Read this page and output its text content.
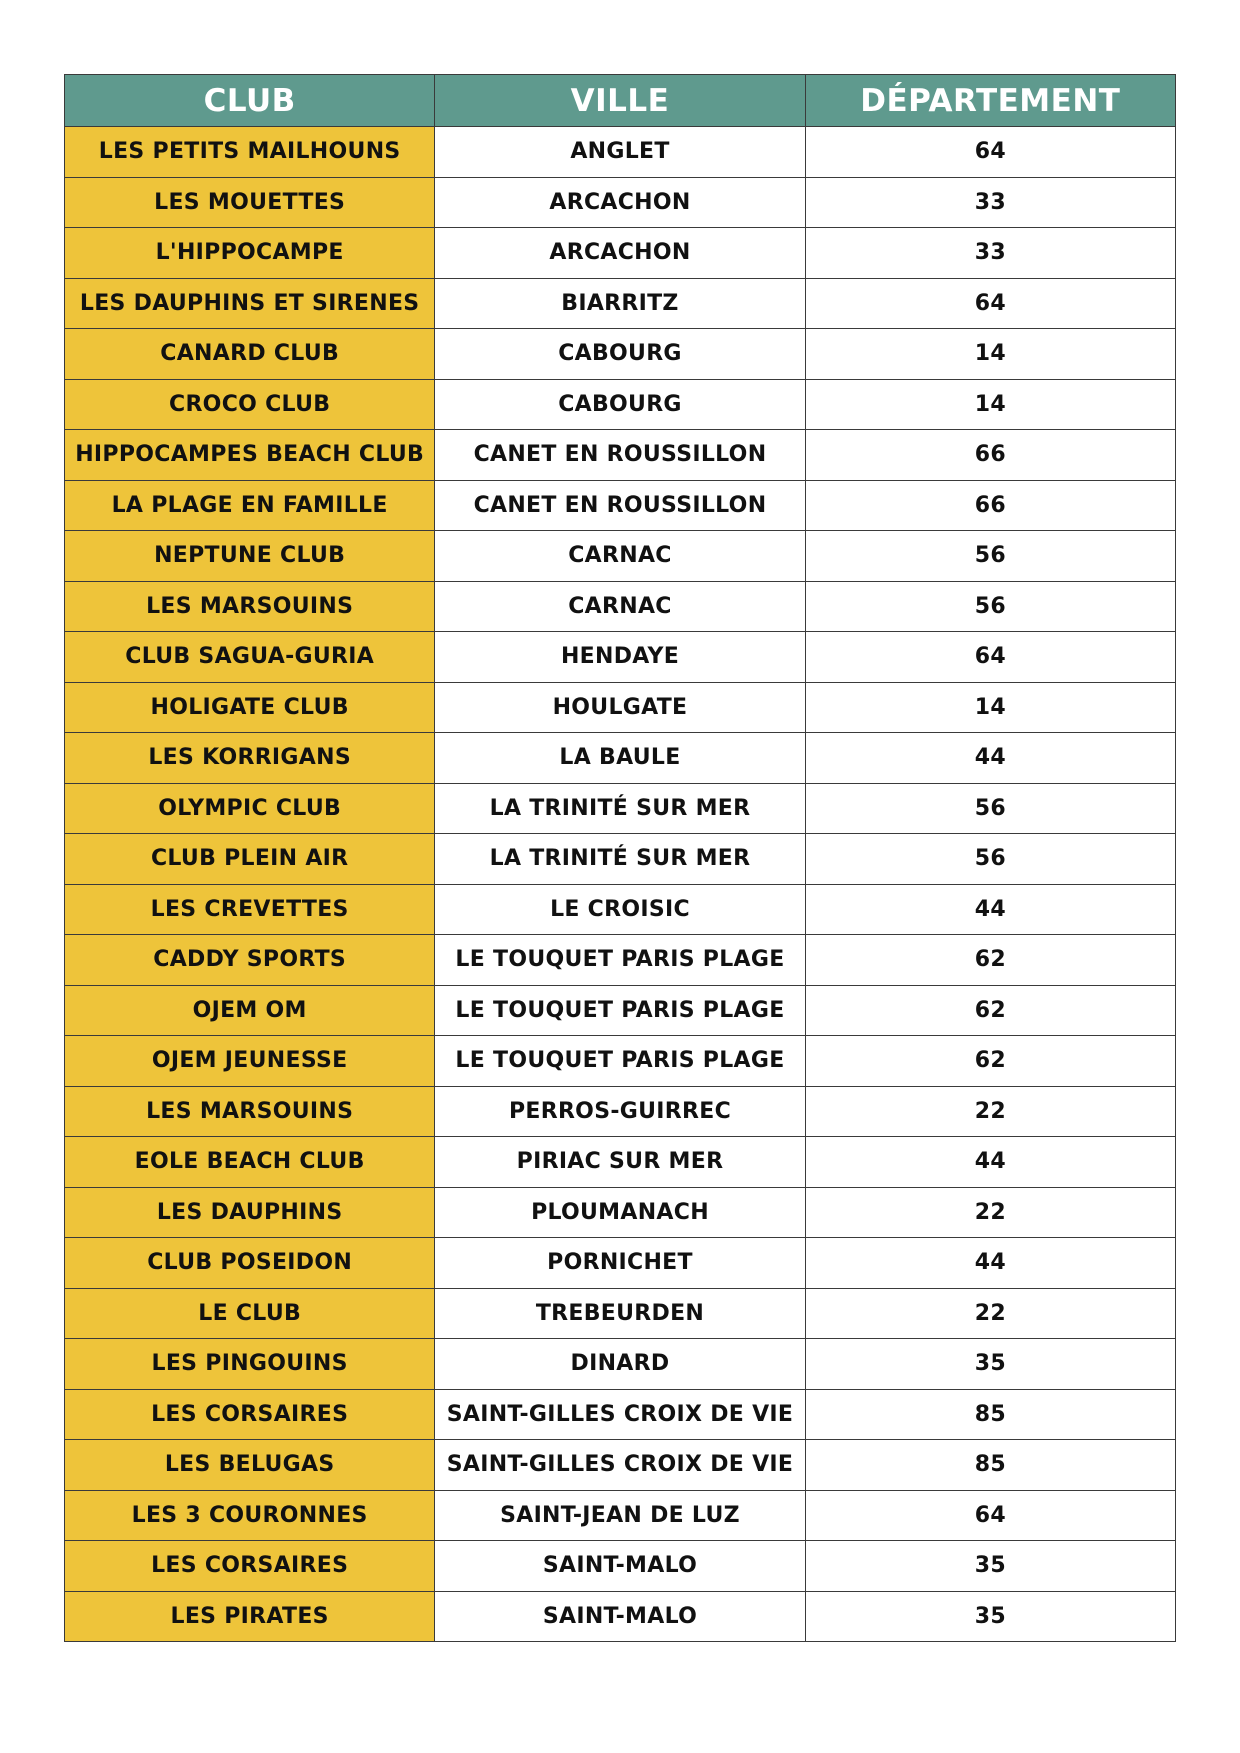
CLUB	VILLE	DÉPARTEMENT
LES PETITS MAILHOUNS	ANGLET	64
LES MOUETTES	ARCACHON	33
L'HIPPOCAMPE	ARCACHON	33
LES DAUPHINS ET SIRENES	BIARRITZ	64
CANARD CLUB	CABOURG	14
CROCO CLUB	CABOURG	14
HIPPOCAMPES BEACH CLUB	CANET EN ROUSSILLON	66
LA PLAGE EN FAMILLE	CANET EN ROUSSILLON	66
NEPTUNE CLUB	CARNAC	56
LES MARSOUINS	CARNAC	56
CLUB SAGUA-GURIA	HENDAYE	64
HOLIGATE CLUB	HOULGATE	14
LES KORRIGANS	LA BAULE	44
OLYMPIC CLUB	LA TRINITÉ SUR MER	56
CLUB PLEIN AIR	LA TRINITÉ SUR MER	56
LES CREVETTES	LE CROISIC	44
CADDY SPORTS	LE TOUQUET PARIS PLAGE	62
OJEM OM	LE TOUQUET PARIS PLAGE	62
OJEM JEUNESSE	LE TOUQUET PARIS PLAGE	62
LES MARSOUINS	PERROS-GUIRREC	22
EOLE BEACH CLUB	PIRIAC SUR MER	44
LES DAUPHINS	PLOUMANACH	22
CLUB POSEIDON	PORNICHET	44
LE CLUB	TREBEURDEN	22
LES PINGOUINS	DINARD	35
LES CORSAIRES	SAINT-GILLES CROIX DE VIE	85
LES BELUGAS	SAINT-GILLES CROIX DE VIE	85
LES 3 COURONNES	SAINT-JEAN DE LUZ	64
LES CORSAIRES	SAINT-MALO	35
LES PIRATES	SAINT-MALO	35
